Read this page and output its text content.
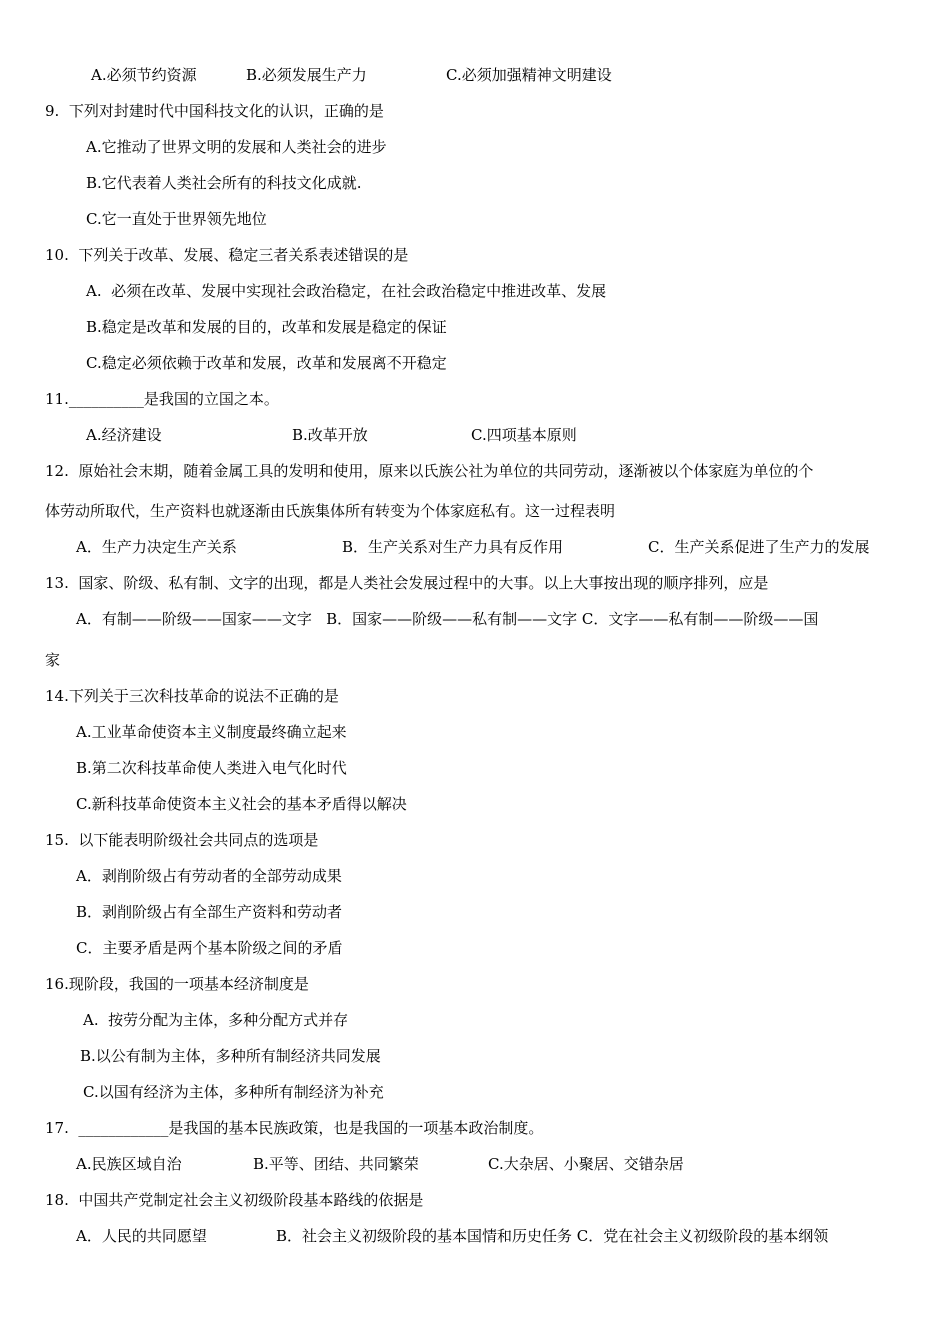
A.必须节约资源	B.必须发展生产力	C.必须加强精神文明建设
9.  下列对封建时代中国科技文化的认识，正确的是
A.它推动了世界文明的发展和人类社会的进步
B.它代表着人类社会所有的科技文化成就.
C.它一直处于世界领先地位
10.  下列关于改革、发展、稳定三者关系表述错误的是
A.  必须在改革、发展中实现社会政治稳定，在社会政治稳定中推进改革、发展
B.稳定是改革和发展的目的，改革和发展是稳定的保证
C.稳定必须依赖于改革和发展，改革和发展离不开稳定
11.__________是我国的立国之本。
A.经济建设	B.改革开放	C.四项基本原则
12.  原始社会末期，随着金属工具的发明和使用，原来以氏族公社为单位的共同劳动，逐渐被以个体家庭为单位的个
体劳动所取代，生产资料也就逐渐由氏族集体所有转变为个体家庭私有。这一过程表明
A．生产力决定生产关系	B．生产关系对生产力具有反作用	C．生产关系促进了生产力的发展
13.  国家、阶级、私有制、文字的出现，都是人类社会发展过程中的大事。以上大事按出现的顺序排列，应是
A．有制——阶级——国家——文字   B．国家——阶级——私有制——文字 C．文字——私有制——阶级——国
家
14.下列关于三次科技革命的说法不正确的是
A.工业革命使资本主义制度最终确立起来
B.第二次科技革命使人类进入电气化时代
C.新科技革命使资本主义社会的基本矛盾得以解决
15.  以下能表明阶级社会共同点的选项是
A．剥削阶级占有劳动者的全部劳动成果
B．剥削阶级占有全部生产资料和劳动者
C．主要矛盾是两个基本阶级之间的矛盾
16.现阶段，我国的一项基本经济制度是
A.  按劳分配为主体，多种分配方式并存
B.以公有制为主体，多种所有制经济共同发展
C.以国有经济为主体，多种所有制经济为补充
17.  ____________是我国的基本民族政策，也是我国的一项基本政治制度。
A.民族区域自治	B.平等、团结、共同繁荣	C.大杂居、小聚居、交错杂居
18.  中国共产党制定社会主义初级阶段基本路线的依据是
A．人民的共同愿望	B．社会主义初级阶段的基本国情和历史任务 C．党在社会主义初级阶段的基本纲领
